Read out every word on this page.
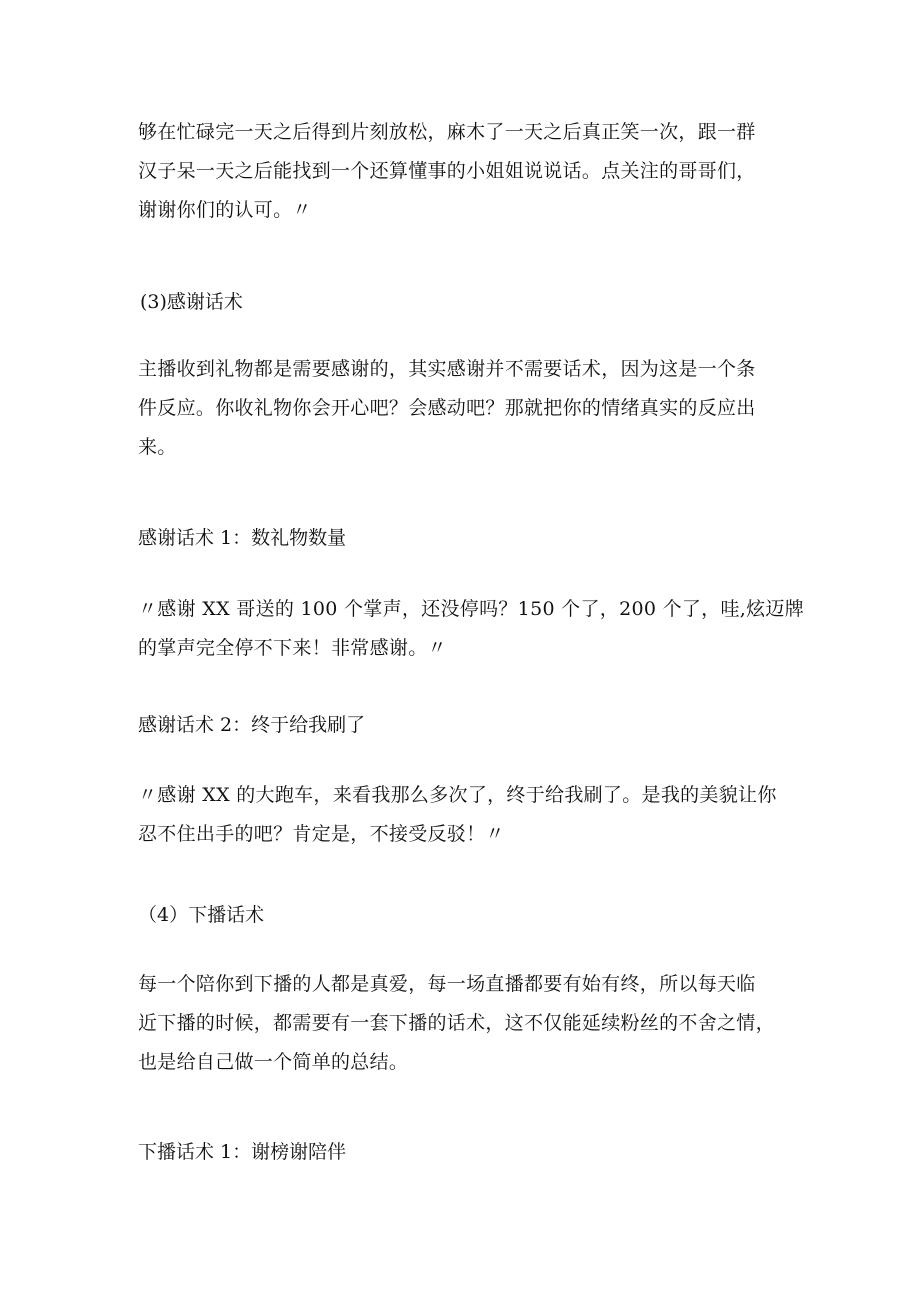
够在忙碌完一天之后得到片刻放松，麻木了一天之后真正笑一次，跟一群
汉子呆一天之后能找到一个还算懂事的小姐姐说说话。点关注的哥哥们，
谢谢你们的认可。〃
(3)感谢话术
主播收到礼物都是需要感谢的，其实感谢并不需要话术，因为这是一个条
件反应。你收礼物你会开心吧？会感动吧？那就把你的情绪真实的反应出
来。
感谢话术 1：数礼物数量
〃感谢 XX 哥送的 100 个掌声，还没停吗？150 个了，200 个了，哇,炫迈牌
的掌声完全停不下来！非常感谢。〃
感谢话术 2：终于给我刷了
〃感谢 XX 的大跑车，来看我那么多次了，终于给我刷了。是我的美貌让你
忍不住出手的吧？肯定是，不接受反驳！〃
（4）下播话术
每一个陪你到下播的人都是真爱，每一场直播都要有始有终，所以每天临
近下播的时候，都需要有一套下播的话术，这不仅能延续粉丝的不舍之情，
也是给自己做一个简单的总结。
下播话术 1：谢榜谢陪伴
